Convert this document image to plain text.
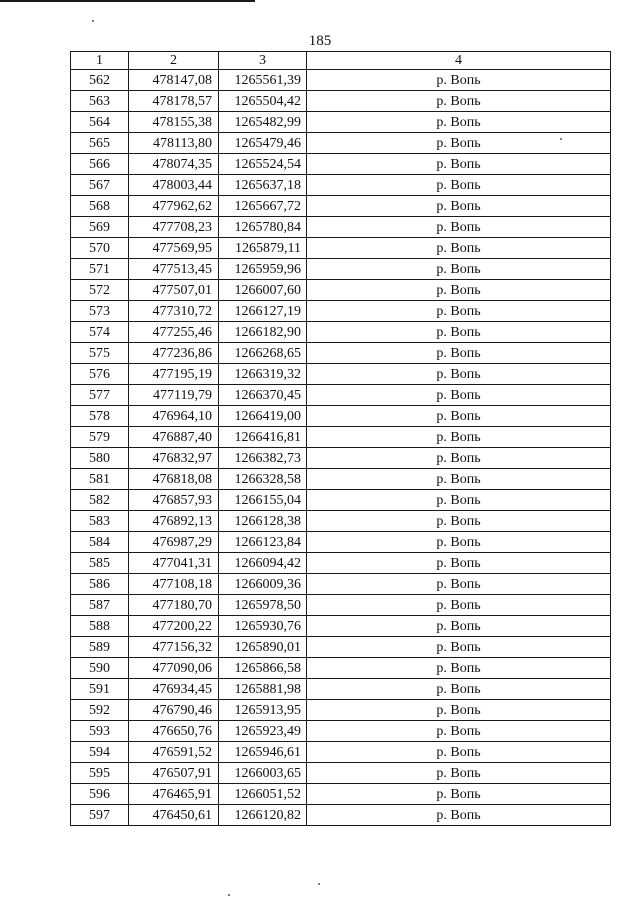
185
1	2	3	4
562	478147,08	1265561,39	р. Вопь
563	478178,57	1265504,42	р. Вопь
564	478155,38	1265482,99	р. Вопь
565	478113,80	1265479,46	р. Вопь
566	478074,35	1265524,54	р. Вопь
567	478003,44	1265637,18	р. Вопь
568	477962,62	1265667,72	р. Вопь
569	477708,23	1265780,84	р. Вопь
570	477569,95	1265879,11	р. Вопь
571	477513,45	1265959,96	р. Вопь
572	477507,01	1266007,60	р. Вопь
573	477310,72	1266127,19	р. Вопь
574	477255,46	1266182,90	р. Вопь
575	477236,86	1266268,65	р. Вопь
576	477195,19	1266319,32	р. Вопь
577	477119,79	1266370,45	р. Вопь
578	476964,10	1266419,00	р. Вопь
579	476887,40	1266416,81	р. Вопь
580	476832,97	1266382,73	р. Вопь
581	476818,08	1266328,58	р. Вопь
582	476857,93	1266155,04	р. Вопь
583	476892,13	1266128,38	р. Вопь
584	476987,29	1266123,84	р. Вопь
585	477041,31	1266094,42	р. Вопь
586	477108,18	1266009,36	р. Вопь
587	477180,70	1265978,50	р. Вопь
588	477200,22	1265930,76	р. Вопь
589	477156,32	1265890,01	р. Вопь
590	477090,06	1265866,58	р. Вопь
591	476934,45	1265881,98	р. Вопь
592	476790,46	1265913,95	р. Вопь
593	476650,76	1265923,49	р. Вопь
594	476591,52	1265946,61	р. Вопь
595	476507,91	1266003,65	р. Вопь
596	476465,91	1266051,52	р. Вопь
597	476450,61	1266120,82	р. Вопь
